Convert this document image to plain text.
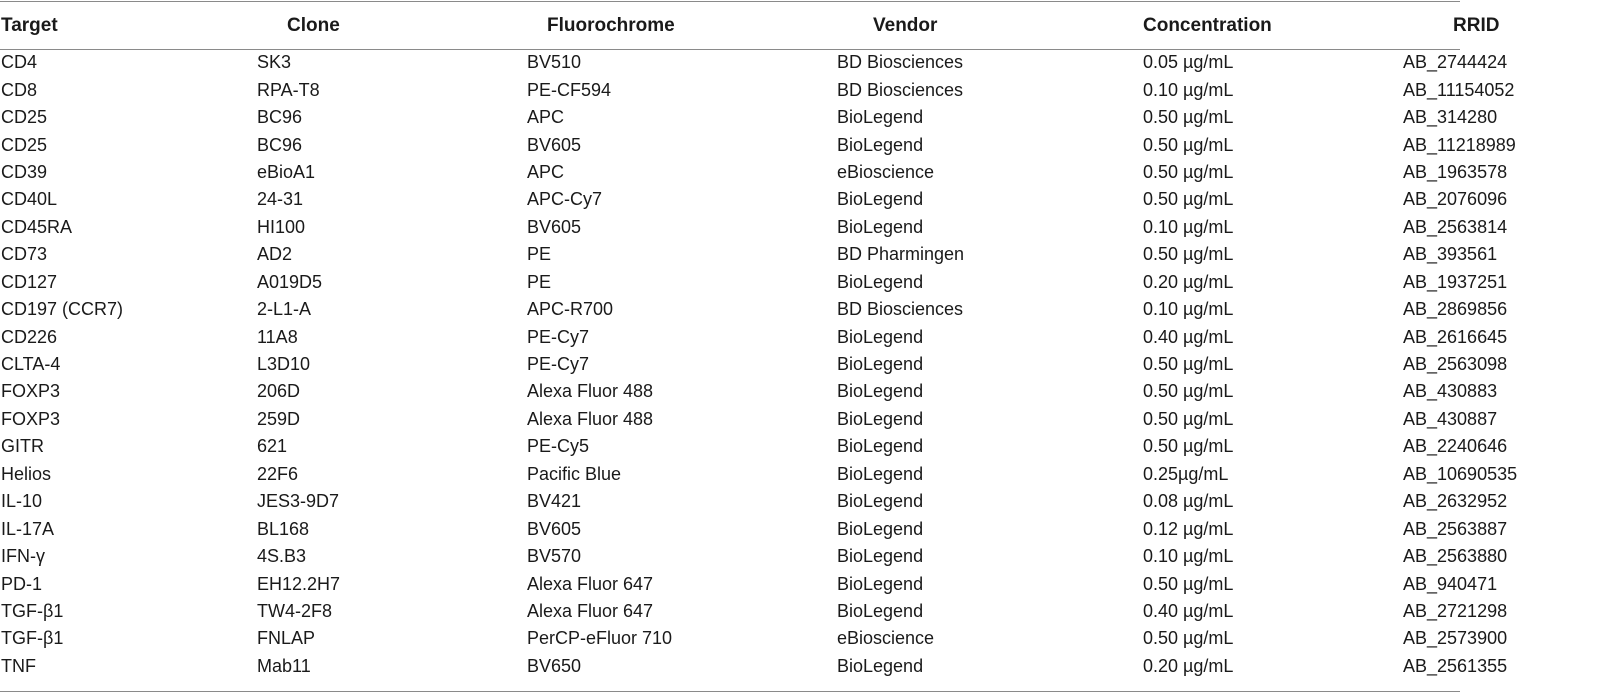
Target	Clone	Fluorochrome	Vendor	Concentration	RRID
CD4	SK3	BV510	BD Biosciences	0.05 µg/mL	AB_2744424
CD8	RPA-T8	PE-CF594	BD Biosciences	0.10 µg/mL	AB_11154052
CD25	BC96	APC	BioLegend	0.50 µg/mL	AB_314280
CD25	BC96	BV605	BioLegend	0.50 µg/mL	AB_11218989
CD39	eBioA1	APC	eBioscience	0.50 µg/mL	AB_1963578
CD40L	24-31	APC-Cy7	BioLegend	0.50 µg/mL	AB_2076096
CD45RA	HI100	BV605	BioLegend	0.10 µg/mL	AB_2563814
CD73	AD2	PE	BD Pharmingen	0.50 µg/mL	AB_393561
CD127	A019D5	PE	BioLegend	0.20 µg/mL	AB_1937251
CD197 (CCR7)	2-L1-A	APC-R700	BD Biosciences	0.10 µg/mL	AB_2869856
CD226	11A8	PE-Cy7	BioLegend	0.40 µg/mL	AB_2616645
CLTA-4	L3D10	PE-Cy7	BioLegend	0.50 µg/mL	AB_2563098
FOXP3	206D	Alexa Fluor 488	BioLegend	0.50 µg/mL	AB_430883
FOXP3	259D	Alexa Fluor 488	BioLegend	0.50 µg/mL	AB_430887
GITR	621	PE-Cy5	BioLegend	0.50 µg/mL	AB_2240646
Helios	22F6	Pacific Blue	BioLegend	0.25µg/mL	AB_10690535
IL-10	JES3-9D7	BV421	BioLegend	0.08 µg/mL	AB_2632952
IL-17A	BL168	BV605	BioLegend	0.12 µg/mL	AB_2563887
IFN-γ	4S.B3	BV570	BioLegend	0.10 µg/mL	AB_2563880
PD-1	EH12.2H7	Alexa Fluor 647	BioLegend	0.50 µg/mL	AB_940471
TGF-β1	TW4-2F8	Alexa Fluor 647	BioLegend	0.40 µg/mL	AB_2721298
TGF-β1	FNLAP	PerCP-eFluor 710	eBioscience	0.50 µg/mL	AB_2573900
TNF	Mab11	BV650	BioLegend	0.20 µg/mL	AB_2561355
